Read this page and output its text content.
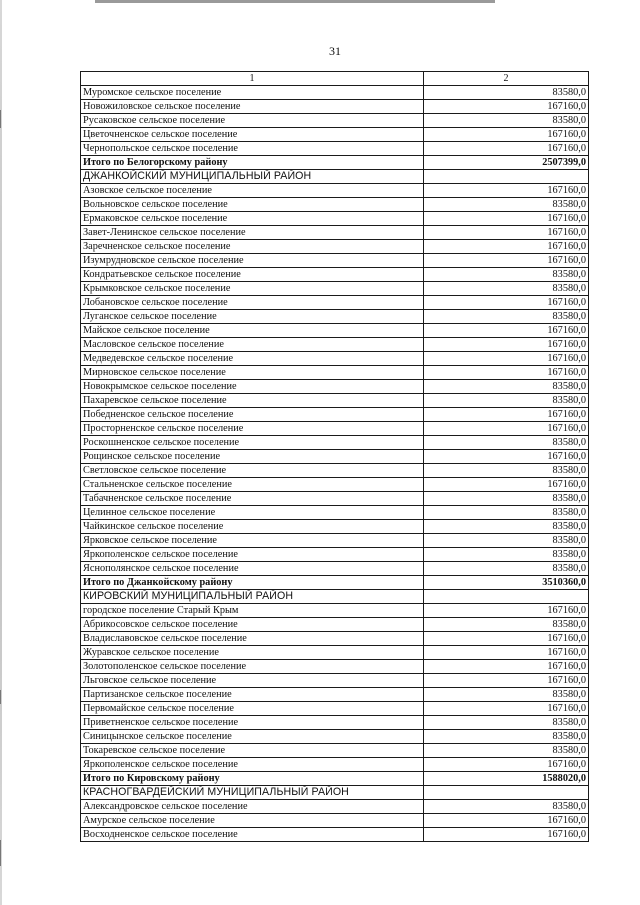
31
1	2
Муромское сельское поселение	83580,0
Новожиловское сельское поселение	167160,0
Русаковское сельское поселение	83580,0
Цветочненское сельское поселение	167160,0
Чернопольское сельское поселение	167160,0
Итого по Белогорскому району	2507399,0
ДЖАНКОЙСКИЙ МУНИЦИПАЛЬНЫЙ РАЙОН	
Азовское сельское поселение	167160,0
Вольновское сельское поселение	83580,0
Ермаковское сельское поселение	167160,0
Завет-Ленинское сельское поселение	167160,0
Заречненское сельское поселение	167160,0
Изумрудновское сельское поселение	167160,0
Кондратьевское сельское поселение	83580,0
Крымковское сельское поселение	83580,0
Лобановское сельское поселение	167160,0
Луганское сельское поселение	83580,0
Майское сельское поселение	167160,0
Масловское сельское поселение	167160,0
Медведевское сельское поселение	167160,0
Мирновское сельское поселение	167160,0
Новокрымское сельское поселение	83580,0
Пахаревское сельское поселение	83580,0
Победненское сельское поселение	167160,0
Просторненское сельское поселение	167160,0
Роскошненское сельское поселение	83580,0
Рощинское сельское поселение	167160,0
Светловское сельское поселение	83580,0
Стальненское сельское поселение	167160,0
Табачненское сельское поселение	83580,0
Целинное сельское поселение	83580,0
Чайкинское сельское поселение	83580,0
Ярковское сельское поселение	83580,0
Яркополенское сельское поселение	83580,0
Яснополянское сельское поселение	83580,0
Итого по Джанкойскому району	3510360,0
КИРОВСКИЙ МУНИЦИПАЛЬНЫЙ РАЙОН	
городское поселение Старый Крым	167160,0
Абрикосовское сельское поселение	83580,0
Владиславовское сельское поселение	167160,0
Журавское сельское поселение	167160,0
Золотополенское сельское поселение	167160,0
Льговское сельское поселение	167160,0
Партизанское сельское поселение	83580,0
Первомайское сельское поселение	167160,0
Приветненское сельское поселение	83580,0
Синицынское сельское поселение	83580,0
Токаревское сельское поселение	83580,0
Яркополенское сельское поселение	167160,0
Итого по Кировскому району	1588020,0
КРАСНОГВАРДЕЙСКИЙ МУНИЦИПАЛЬНЫЙ РАЙОН	
Александровское сельское поселение	83580,0
Амурское сельское поселение	167160,0
Восходненское сельское поселение	167160,0
